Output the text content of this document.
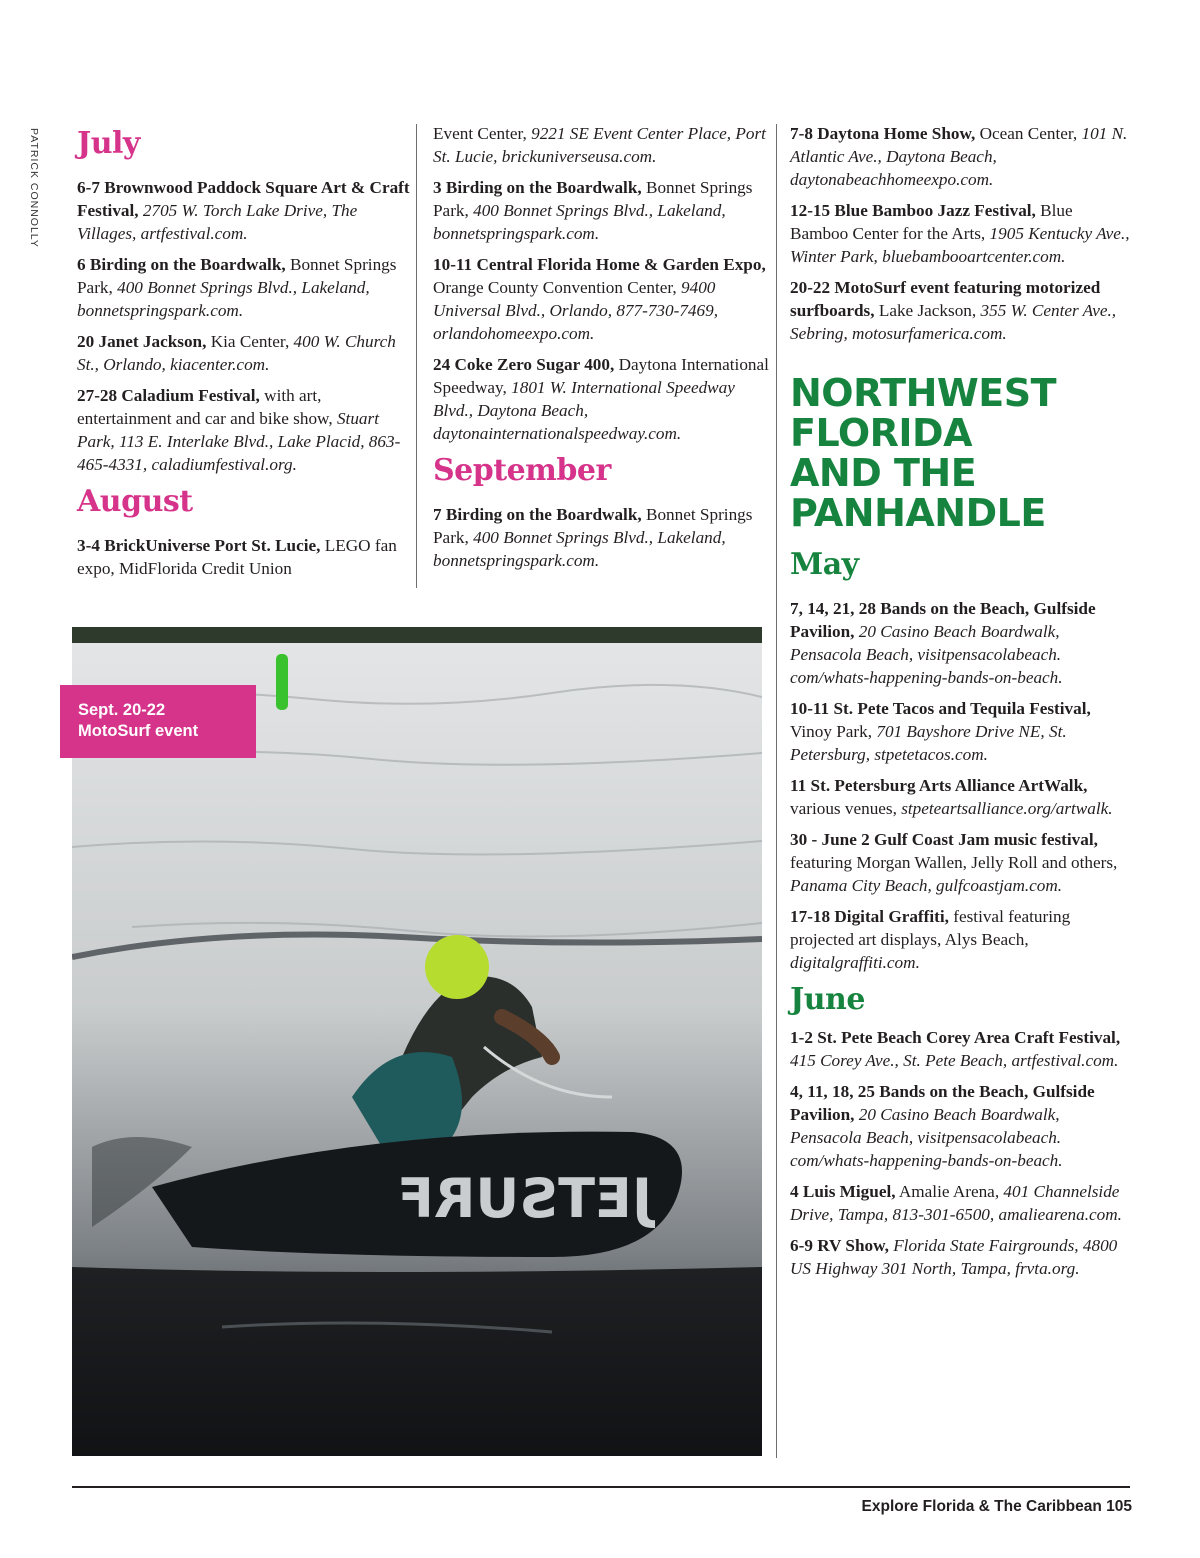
PATRICK CONNOLLY July

6-7 Brownwood Paddock Square Art & Craft Festival, 2705 W. Torch Lake Drive, The Villages, artfestival.com.

6 Birding on the Boardwalk, Bonnet Springs Park, 400 Bonnet Springs Blvd., Lakeland, bonnetspringspark.com.

20 Janet Jackson, Kia Center, 400 W. Church St., Orlando, kiacenter.com.

27-28 Caladium Festival, with art, entertainment and car and bike show, Stuart Park, 113 E. Interlake Blvd., Lake Placid, 863-465-4331, caladiumfestival.org.

August

3-4 BrickUniverse Port St. Lucie, LEGO fan expo, MidFlorida Credit Union

Event Center, 9221 SE Event Center Place, Port St. Lucie, brickuniverseusa.com.

3 Birding on the Boardwalk, Bonnet Springs Park, 400 Bonnet Springs Blvd., Lakeland, bonnetspringspark.com.

10-11 Central Florida Home & Garden Expo, Orange County Convention Center, 9400 Universal Blvd., Orlando, 877-730-7469, orlandohomeexpo.com.

24 Coke Zero Sugar 400, Daytona International Speedway, 1801 W. International Speedway Blvd., Daytona Beach, daytonainternationalspeedway.com.

September

7 Birding on the Boardwalk, Bonnet Springs Park, 400 Bonnet Springs Blvd., Lakeland, bonnetspringspark.com.

7-8 Daytona Home Show, Ocean Center, 101 N. Atlantic Ave., Daytona Beach, daytonabeachhomeexpo.com.

12-15 Blue Bamboo Jazz Festival, Blue Bamboo Center for the Arts, 1905 Kentucky Ave., Winter Park, bluebambooartcenter.com.

20-22 MotoSurf event featuring motorized surfboards, Lake Jackson, 355 W. Center Ave., Sebring, motosurfamerica.com.

NORTHWEST
FLORIDA
AND THE
PANHANDLE
May

7, 14, 21, 28 Bands on the Beach, Gulfside Pavilion, 20 Casino Beach Boardwalk, Pensacola Beach, visitpensacolabeach. com/whats-happening-bands-on-beach.

10-11 St. Pete Tacos and Tequila Festival, Vinoy Park, 701 Bayshore Drive NE, St. Petersburg, stpetetacos.com.

11 St. Petersburg Arts Alliance ArtWalk, various venues, stpeteartsalliance.org/artwalk.

30 - June 2 Gulf Coast Jam music festival, featuring Morgan Wallen, Jelly Roll and others, Panama City Beach, gulfcoastjam.com.

17-18 Digital Graffiti, festival featuring projected art displays, Alys Beach, digitalgraffiti.com.

June

1-2 St. Pete Beach Corey Area Craft Festival, 415 Corey Ave., St. Pete Beach, artfestival.com.

4, 11, 18, 25 Bands on the Beach, Gulfside Pavilion, 20 Casino Beach Boardwalk, Pensacola Beach, visitpensacolabeach. com/whats-happening-bands-on-beach.

4 Luis Miguel, Amalie Arena, 401 Channelside Drive, Tampa, 813-301-6500, amaliearena.com.

6-9 RV Show, Florida State Fairgrounds, 4800 US Highway 301 North, Tampa, frvta.org.

JETSURF
Sept. 20-22
MotoSurf event
Explore Florida & The Caribbean 105
